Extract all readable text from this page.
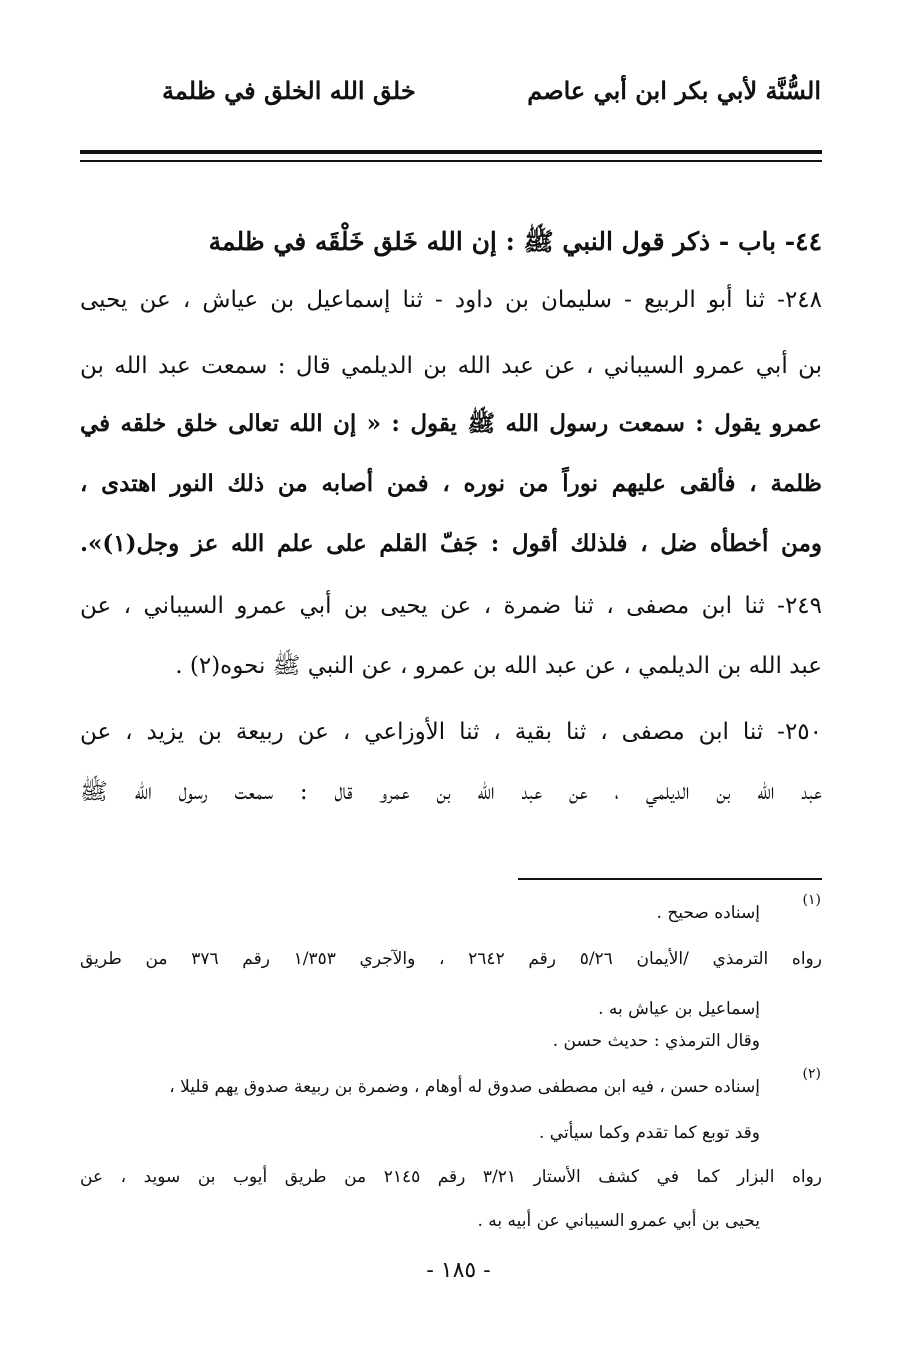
السُّنَّة لأبي بكر ابن أبي عاصم
خلق الله الخلق في ظلمة
٤٤- باب - ذكر قول النبي ﷺ : إن الله خَلق خَلْقَه في ظلمة
٢٤٨- ثنا أبو الربيع - سليمان بن داود - ثنا إسماعيل بن عياش ، عن يحيى
بن أبي عمرو السيباني ، عن عبد الله بن الديلمي قال : سمعت عبد الله بن
عمرو يقول : سمعت رسول الله ﷺ يقول : « إن الله تعالى خلق خلقه في
ظلمة ، فألقى عليهم نوراً من نوره ، فمن أصابه من ذلك النور اهتدى ،
ومن أخطأه ضل ، فلذلك أقول : جَفّ القلم على علم الله عز وجل(١)».
٢٤٩- ثنا ابن مصفى ، ثنا ضمرة ، عن يحيى بن أبي عمرو السيباني ، عن
عبد الله بن الديلمي ، عن عبد الله بن عمرو ، عن النبي ﷺ نحوه(٢) .
٢٥٠- ثنا ابن مصفى ، ثنا بقية ، ثنا الأوزاعي ، عن ربيعة بن يزيد ، عن
عبد الله بن الديلمي ، عن عبد الله بن عمرو قال : سمعت رسول الله ﷺ
(١)
إسناده صحيح .
رواه الترمذي /الأيمان ٥/٢٦ رقم ٢٦٤٢ ، والآجري ١/٣٥٣ رقم ٣٧٦ من طريق
إسماعيل بن عياش به .
وقال الترمذي : حديث حسن .
(٢)
إسناده حسن ، فيه ابن مصطفى صدوق له أوهام ، وضمرة بن ربيعة صدوق يهم قليلا ،
وقد توبع كما تقدم وكما سيأتي .
رواه البزار كما في كشف الأستار ٣/٢١ رقم ٢١٤٥ من طريق أيوب بن سويد ، عن
يحيى بن أبي عمرو السيباني عن أبيه به .
- ١٨٥ -
